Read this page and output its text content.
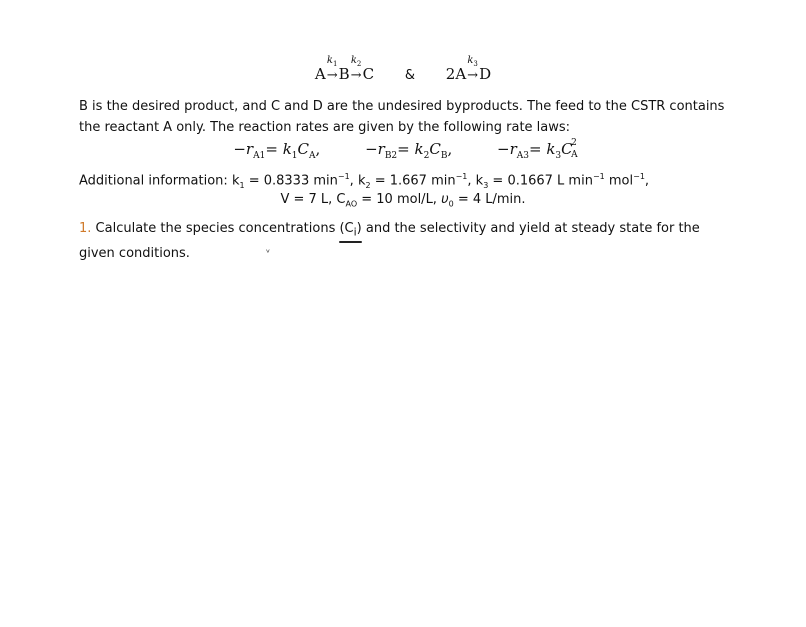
A
$k_1$
→ B
$k_2$
→ C & 2A
$k_3$
→ D
B is the desired product, and C and D are the undesired byproducts. The feed to the CSTR contains the reactant A only. The reaction rates are given by the following rate laws:
$-r_{A1}= k_1C_A$,	$-r_{B2}= k_2C_B$,	$-r_{A3}= k_3C$
2
A
Additional information: $k_1 = 0.8333$ $\min^{-1}$, $k_2 = 1.667$ $\min^{-1}$, $k_3 = 0.1667$ L $\min^{-1} mol^{-1}$,
V = 7 L, $C_{AO} = 10$ mol/L, $\upsilon_0 = 4$ L/min.
1. Calculate the species concentrations $(C_i)$
and the selectivity and yield at steady state for the given conditions.	ᵛ
